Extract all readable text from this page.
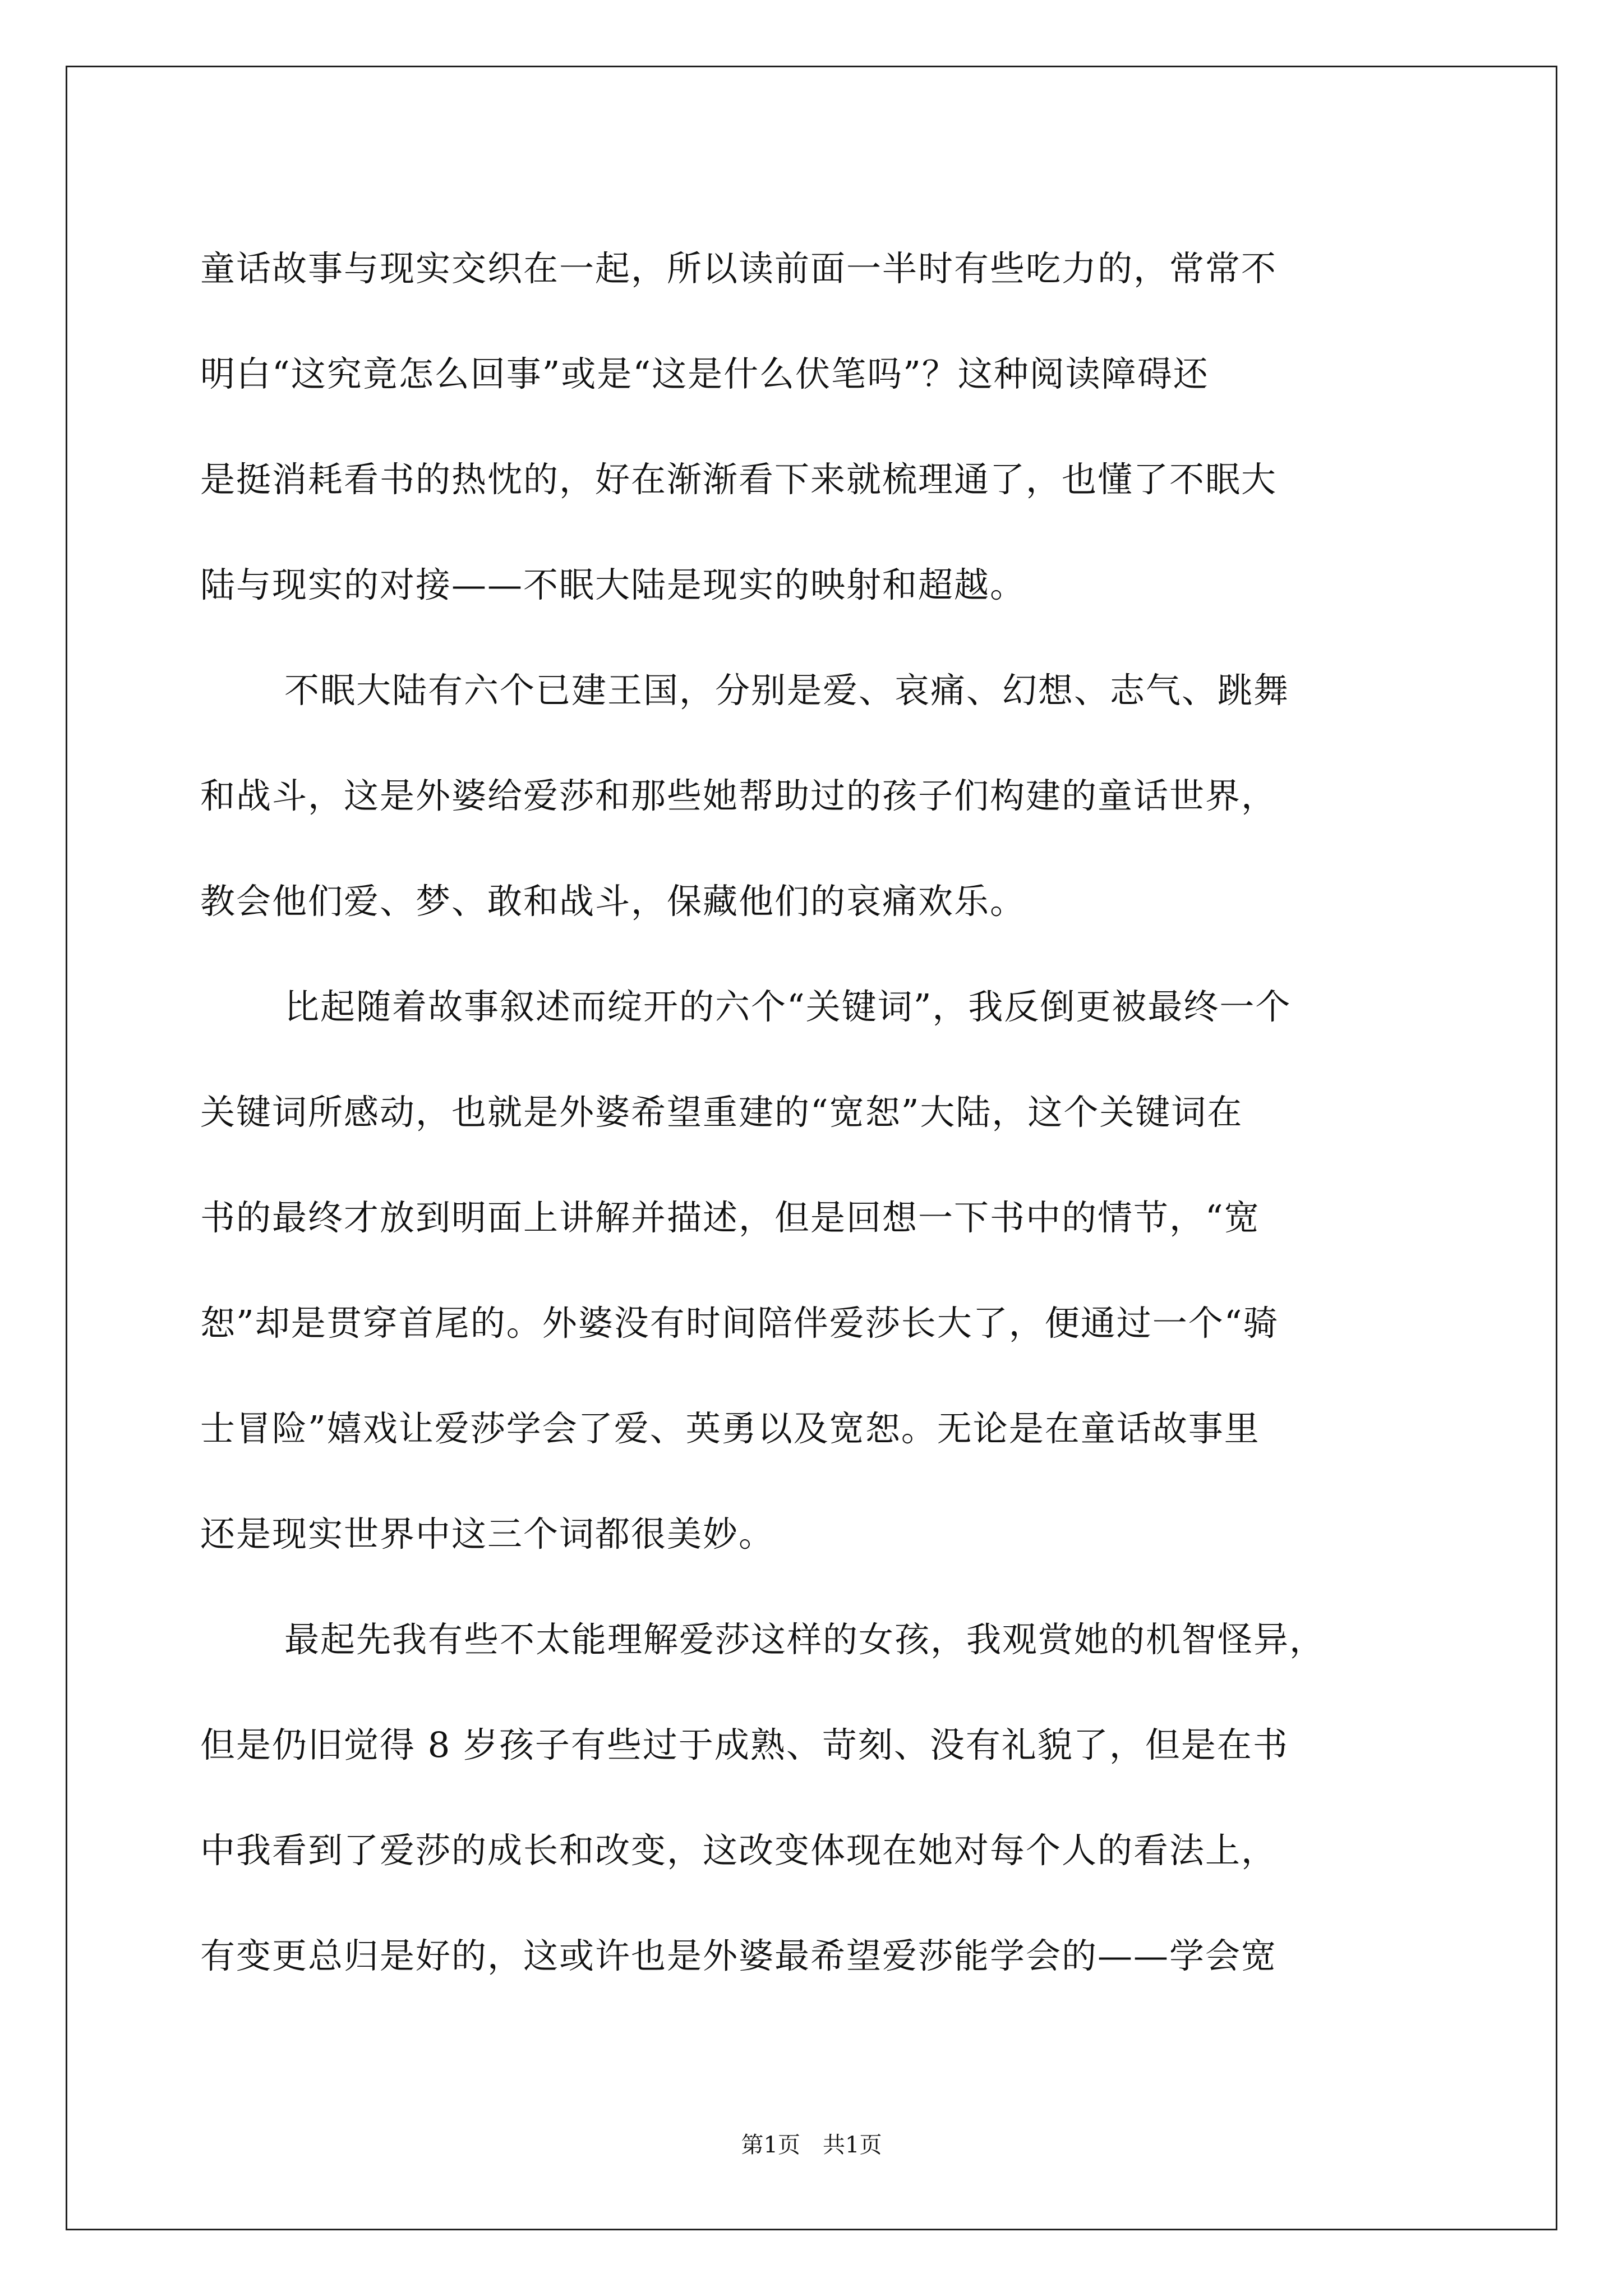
童话故事与现实交织在一起，所以读前面一半时有些吃力的，常常不
明白“这究竟怎么回事”或是“这是什么伏笔吗”？这种阅读障碍还
是挺消耗看书的热忱的，好在渐渐看下来就梳理通了，也懂了不眠大
陆与现实的对接——不眠大陆是现实的映射和超越。
不眠大陆有六个已建王国，分别是爱、哀痛、幻想、志气、跳舞
和战斗，这是外婆给爱莎和那些她帮助过的孩子们构建的童话世界，
教会他们爱、梦、敢和战斗，保藏他们的哀痛欢乐。
比起随着故事叙述而绽开的六个“关键词”，我反倒更被最终一个
关键词所感动，也就是外婆希望重建的“宽恕”大陆，这个关键词在
书的最终才放到明面上讲解并描述，但是回想一下书中的情节，“宽
恕”却是贯穿首尾的。外婆没有时间陪伴爱莎长大了，便通过一个“骑
士冒险”嬉戏让爱莎学会了爱、英勇以及宽恕。无论是在童话故事里
还是现实世界中这三个词都很美妙。
最起先我有些不太能理解爱莎这样的女孩，我观赏她的机智怪异，
但是仍旧觉得 8 岁孩子有些过于成熟、苛刻、没有礼貌了，但是在书
中我看到了爱莎的成长和改变，这改变体现在她对每个人的看法上，
有变更总归是好的，这或许也是外婆最希望爱莎能学会的——学会宽
第1页 共1页
